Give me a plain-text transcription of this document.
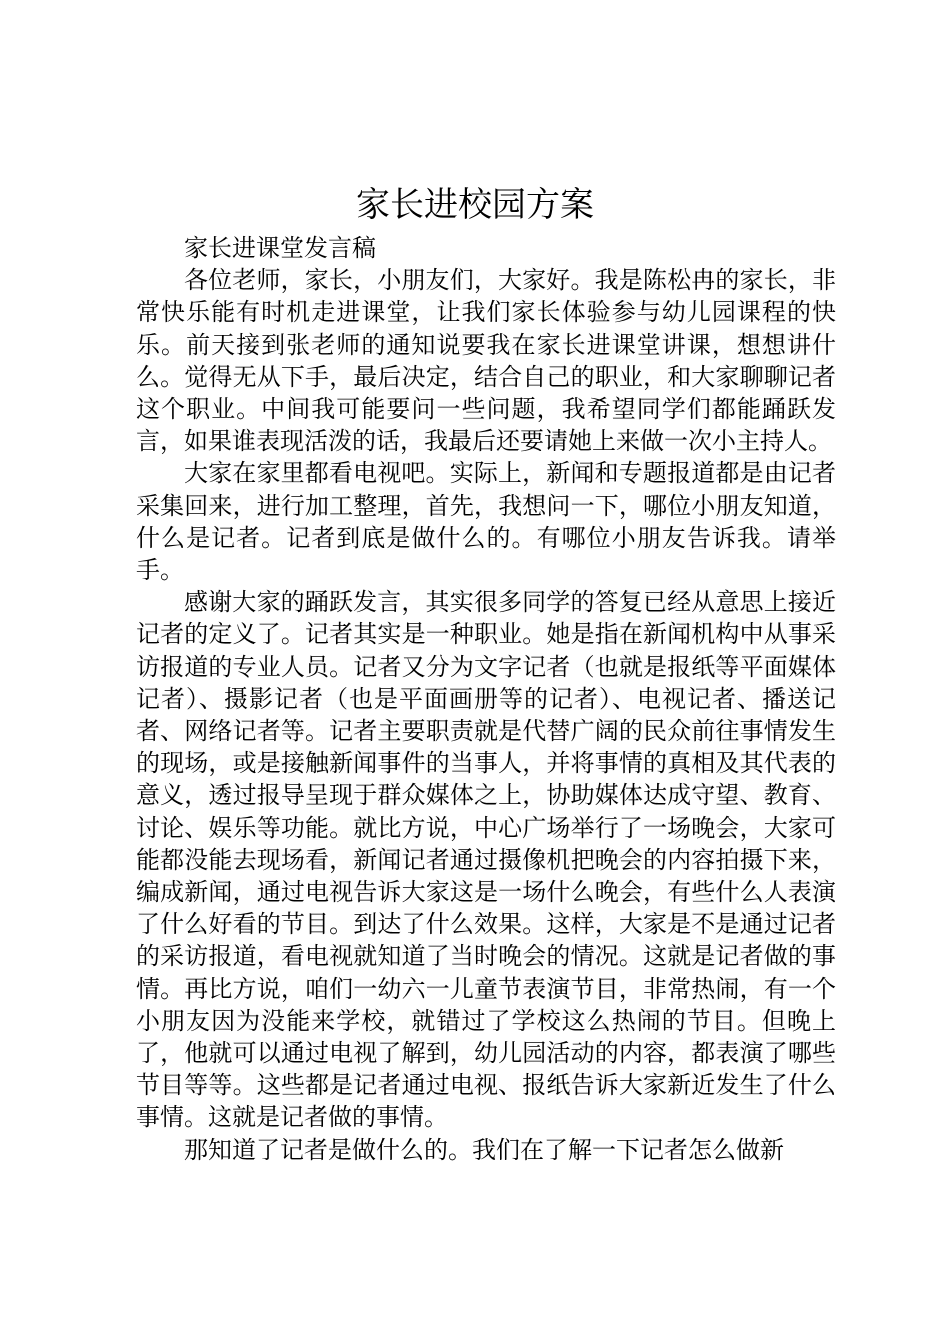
家长进校园方案

家长进课堂发言稿

各位老师，家长，小朋友们，大家好。我是陈松冉的家长，非常快乐能有时机走进课堂，让我们家长体验参与幼儿园课程的快乐。前天接到张老师的通知说要我在家长进课堂讲课，想想讲什么。觉得无从下手，最后决定，结合自己的职业，和大家聊聊记者这个职业。中间我可能要问一些问题，我希望同学们都能踊跃发言，如果谁表现活泼的话，我最后还要请她上来做一次小主持人。

大家在家里都看电视吧。实际上，新闻和专题报道都是由记者采集回来，进行加工整理，首先，我想问一下，哪位小朋友知道，什么是记者。记者到底是做什么的。有哪位小朋友告诉我。请举手。

感谢大家的踊跃发言，其实很多同学的答复已经从意思上接近记者的定义了。记者其实是一种职业。她是指在新闻机构中从事采访报道的专业人员。记者又分为文字记者（也就是报纸等平面媒体记者）、摄影记者（也是平面画册等的记者）、电视记者、播送记者、网络记者等。记者主要职责就是代替广阔的民众前往事情发生的现场，或是接触新闻事件的当事人，并将事情的真相及其代表的意义，透过报导呈现于群众媒体之上，协助媒体达成守望、教育、讨论、娱乐等功能。就比方说，中心广场举行了一场晚会，大家可能都没能去现场看，新闻记者通过摄像机把晚会的内容拍摄下来，编成新闻，通过电视告诉大家这是一场什么晚会，有些什么人表演了什么好看的节目。到达了什么效果。这样，大家是不是通过记者的采访报道，看电视就知道了当时晚会的情况。这就是记者做的事情。再比方说，咱们一幼六一儿童节表演节目，非常热闹，有一个小朋友因为没能来学校，就错过了学校这么热闹的节目。但晚上了，他就可以通过电视了解到，幼儿园活动的内容，都表演了哪些节目等等。这些都是记者通过电视、报纸告诉大家新近发生了什么事情。这就是记者做的事情。

那知道了记者是做什么的。我们在了解一下记者怎么做新
